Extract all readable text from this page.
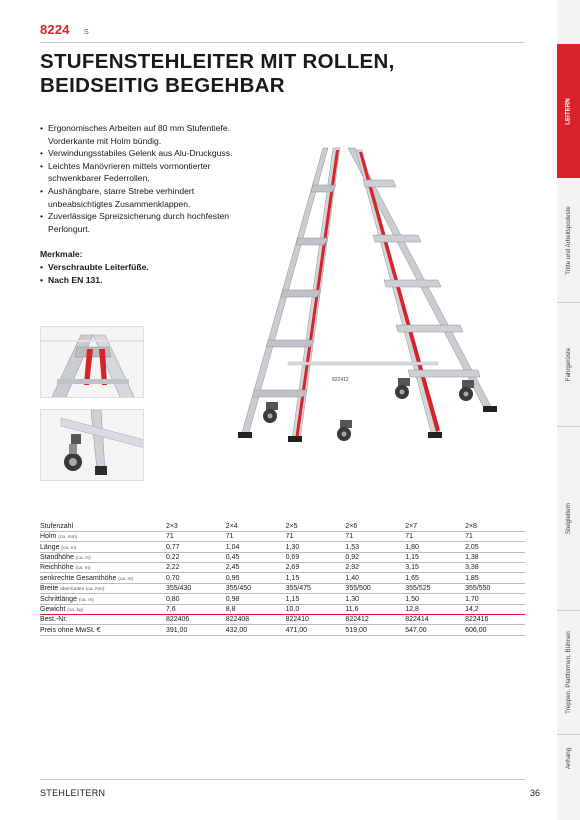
8224 S
STUFENSTEHLEITER MIT ROLLEN,
BEIDSEITIG BEGEHBAR
• Ergonomisches Arbeiten auf 80 mm Stufentiefe.
Vorderkante mit Holm bündig.
• Verwindungsstabiles Gelenk aus Alu-Druckguss.
• Leichtes Manövrieren mittels vormontierter
schwenkbarer Federrollen.
• Aushängbare, starre Strebe verhindert
unbeabsichtigtes Zusammenklappen.
• Zuverlässige Spreizsicherung durch hochfesten
Perlongurt.
Merkmale:
• Verschraubte Leiterfüße.
• Nach EN 131.
822412
LEITERN
Tritte und Arbeitspodeste
Fahrgerüste
Steigleitern
Treppen, Plattformen, Bühnen
Anhang
Stufenzahl	2×3	2×4	2×5	2×6	2×7	2×8
Holm (ca. mm)	71	71	71	71	71	71
Länge (ca. m)	0,77	1,04	1,30	1,53	1,80	2,05
Standhöhe (ca. m)	0,22	0,45	0,69	0,92	1,15	1,38
Reichhöhe (ca. m)	2,22	2,45	2,69	2,92	3,15	3,38
senkrechte Gesamthöhe (ca. m)	0,70	0,95	1,15	1,40	1,65	1,85
Breite oben/unten (ca. mm)	355/430	355/450	355/475	355/500	355/525	355/550
Schrittlänge (ca. m)	0,80	0,98	1,15	1,30	1,50	1,70
Gewicht (ca. kg)	7,6	8,8	10,0	11,6	12,8	14,2
Best.-Nr.	822406	822408	822410	822412	822414	822416
Preis ohne MwSt. €	391,00	432,00	471,00	519,00	547,00	606,00
STEHLEITERN	36
